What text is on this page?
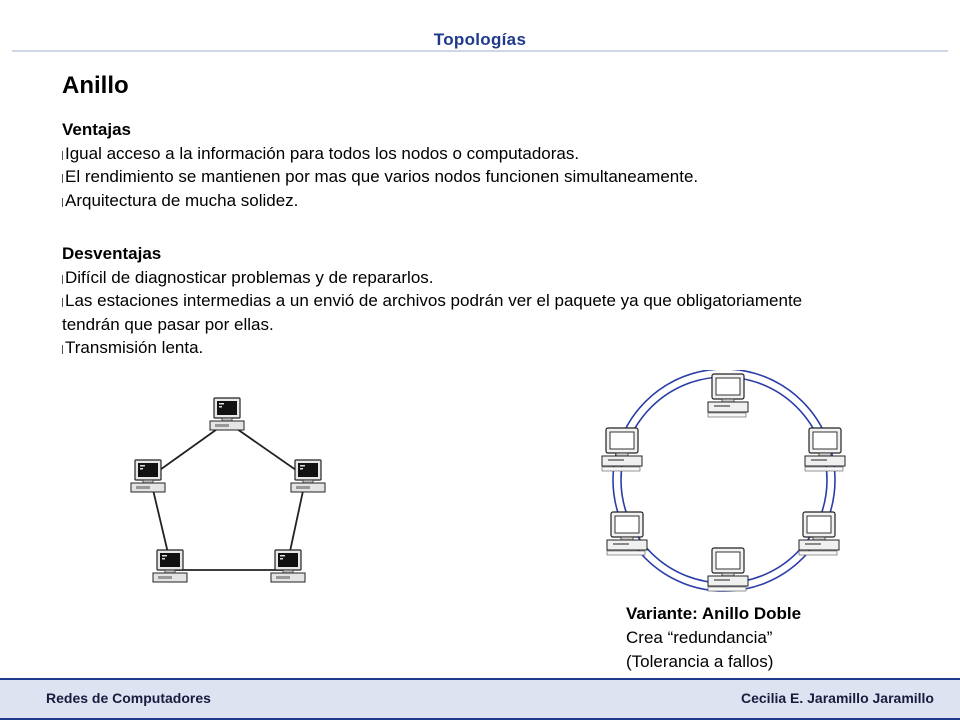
Topologías
Anillo
Ventajas
Igual acceso a la información para todos los nodos o computadoras.
El rendimiento se mantienen por mas que varios nodos funcionen simultaneamente.
Arquitectura de mucha solidez.
Desventajas
Difícil de diagnosticar problemas y de repararlos.
Las estaciones intermedias a un envió de archivos podrán ver el paquete ya que obligatoriamente tendrán que pasar por ellas.
Transmisión lenta.
Variante: Anillo Doble
Crea “redundancia”
(Tolerancia a fallos)
Redes de Computadores	Cecilia E. Jaramillo Jaramillo
